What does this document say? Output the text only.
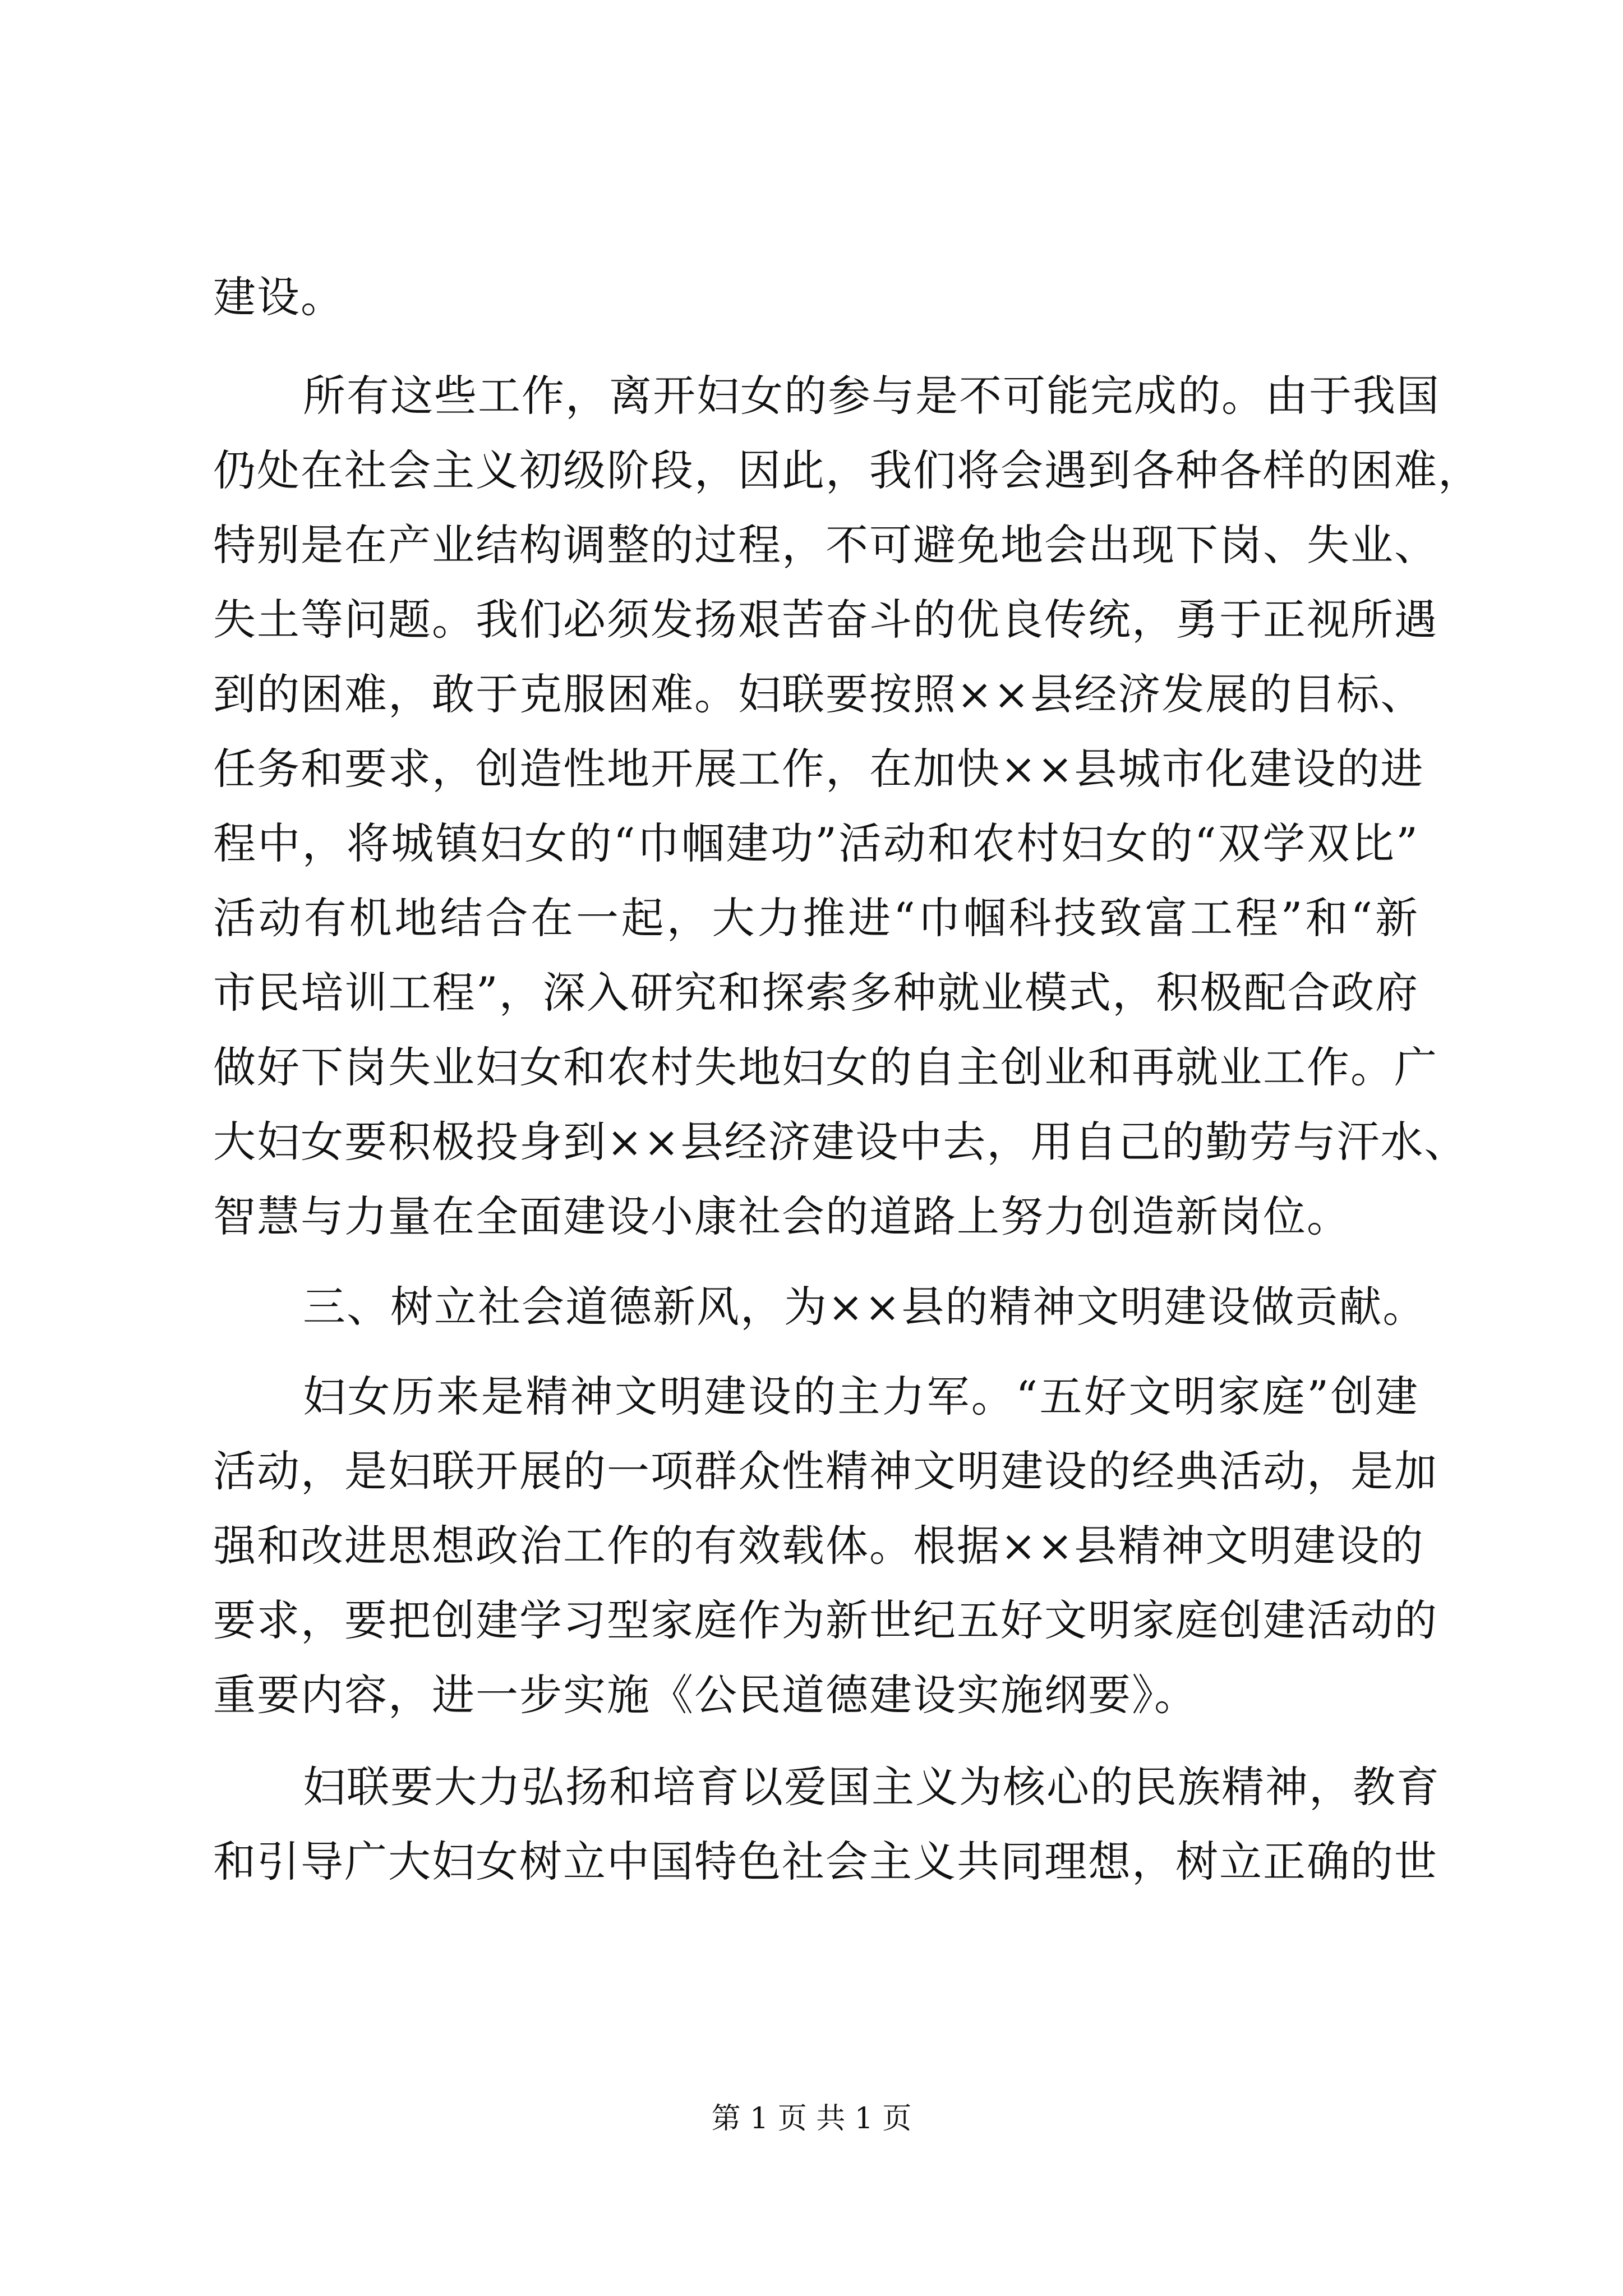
建设。
所有这些工作，离开妇女的参与是不可能完成的。由于我国
仍处在社会主义初级阶段，因此，我们将会遇到各种各样的困难，
特别是在产业结构调整的过程，不可避免地会出现下岗、失业、
失土等问题。我们必须发扬艰苦奋斗的优良传统，勇于正视所遇
到的困难，敢于克服困难。妇联要按照××县经济发展的目标、
任务和要求，创造性地开展工作，在加快××县城市化建设的进
程中，将城镇妇女的“巾帼建功”活动和农村妇女的“双学双比”
活动有机地结合在一起，大力推进“巾帼科技致富工程”和“新
市民培训工程”，深入研究和探索多种就业模式，积极配合政府
做好下岗失业妇女和农村失地妇女的自主创业和再就业工作。广
大妇女要积极投身到××县经济建设中去，用自己的勤劳与汗水、
智慧与力量在全面建设小康社会的道路上努力创造新岗位。
三、树立社会道德新风，为××县的精神文明建设做贡献。
妇女历来是精神文明建设的主力军。“五好文明家庭”创建
活动，是妇联开展的一项群众性精神文明建设的经典活动，是加
强和改进思想政治工作的有效载体。根据××县精神文明建设的
要求，要把创建学习型家庭作为新世纪五好文明家庭创建活动的
重要内容，进一步实施《公民道德建设实施纲要》。
妇联要大力弘扬和培育以爱国主义为核心的民族精神，教育
和引导广大妇女树立中国特色社会主义共同理想，树立正确的世
第 1 页 共 1 页
